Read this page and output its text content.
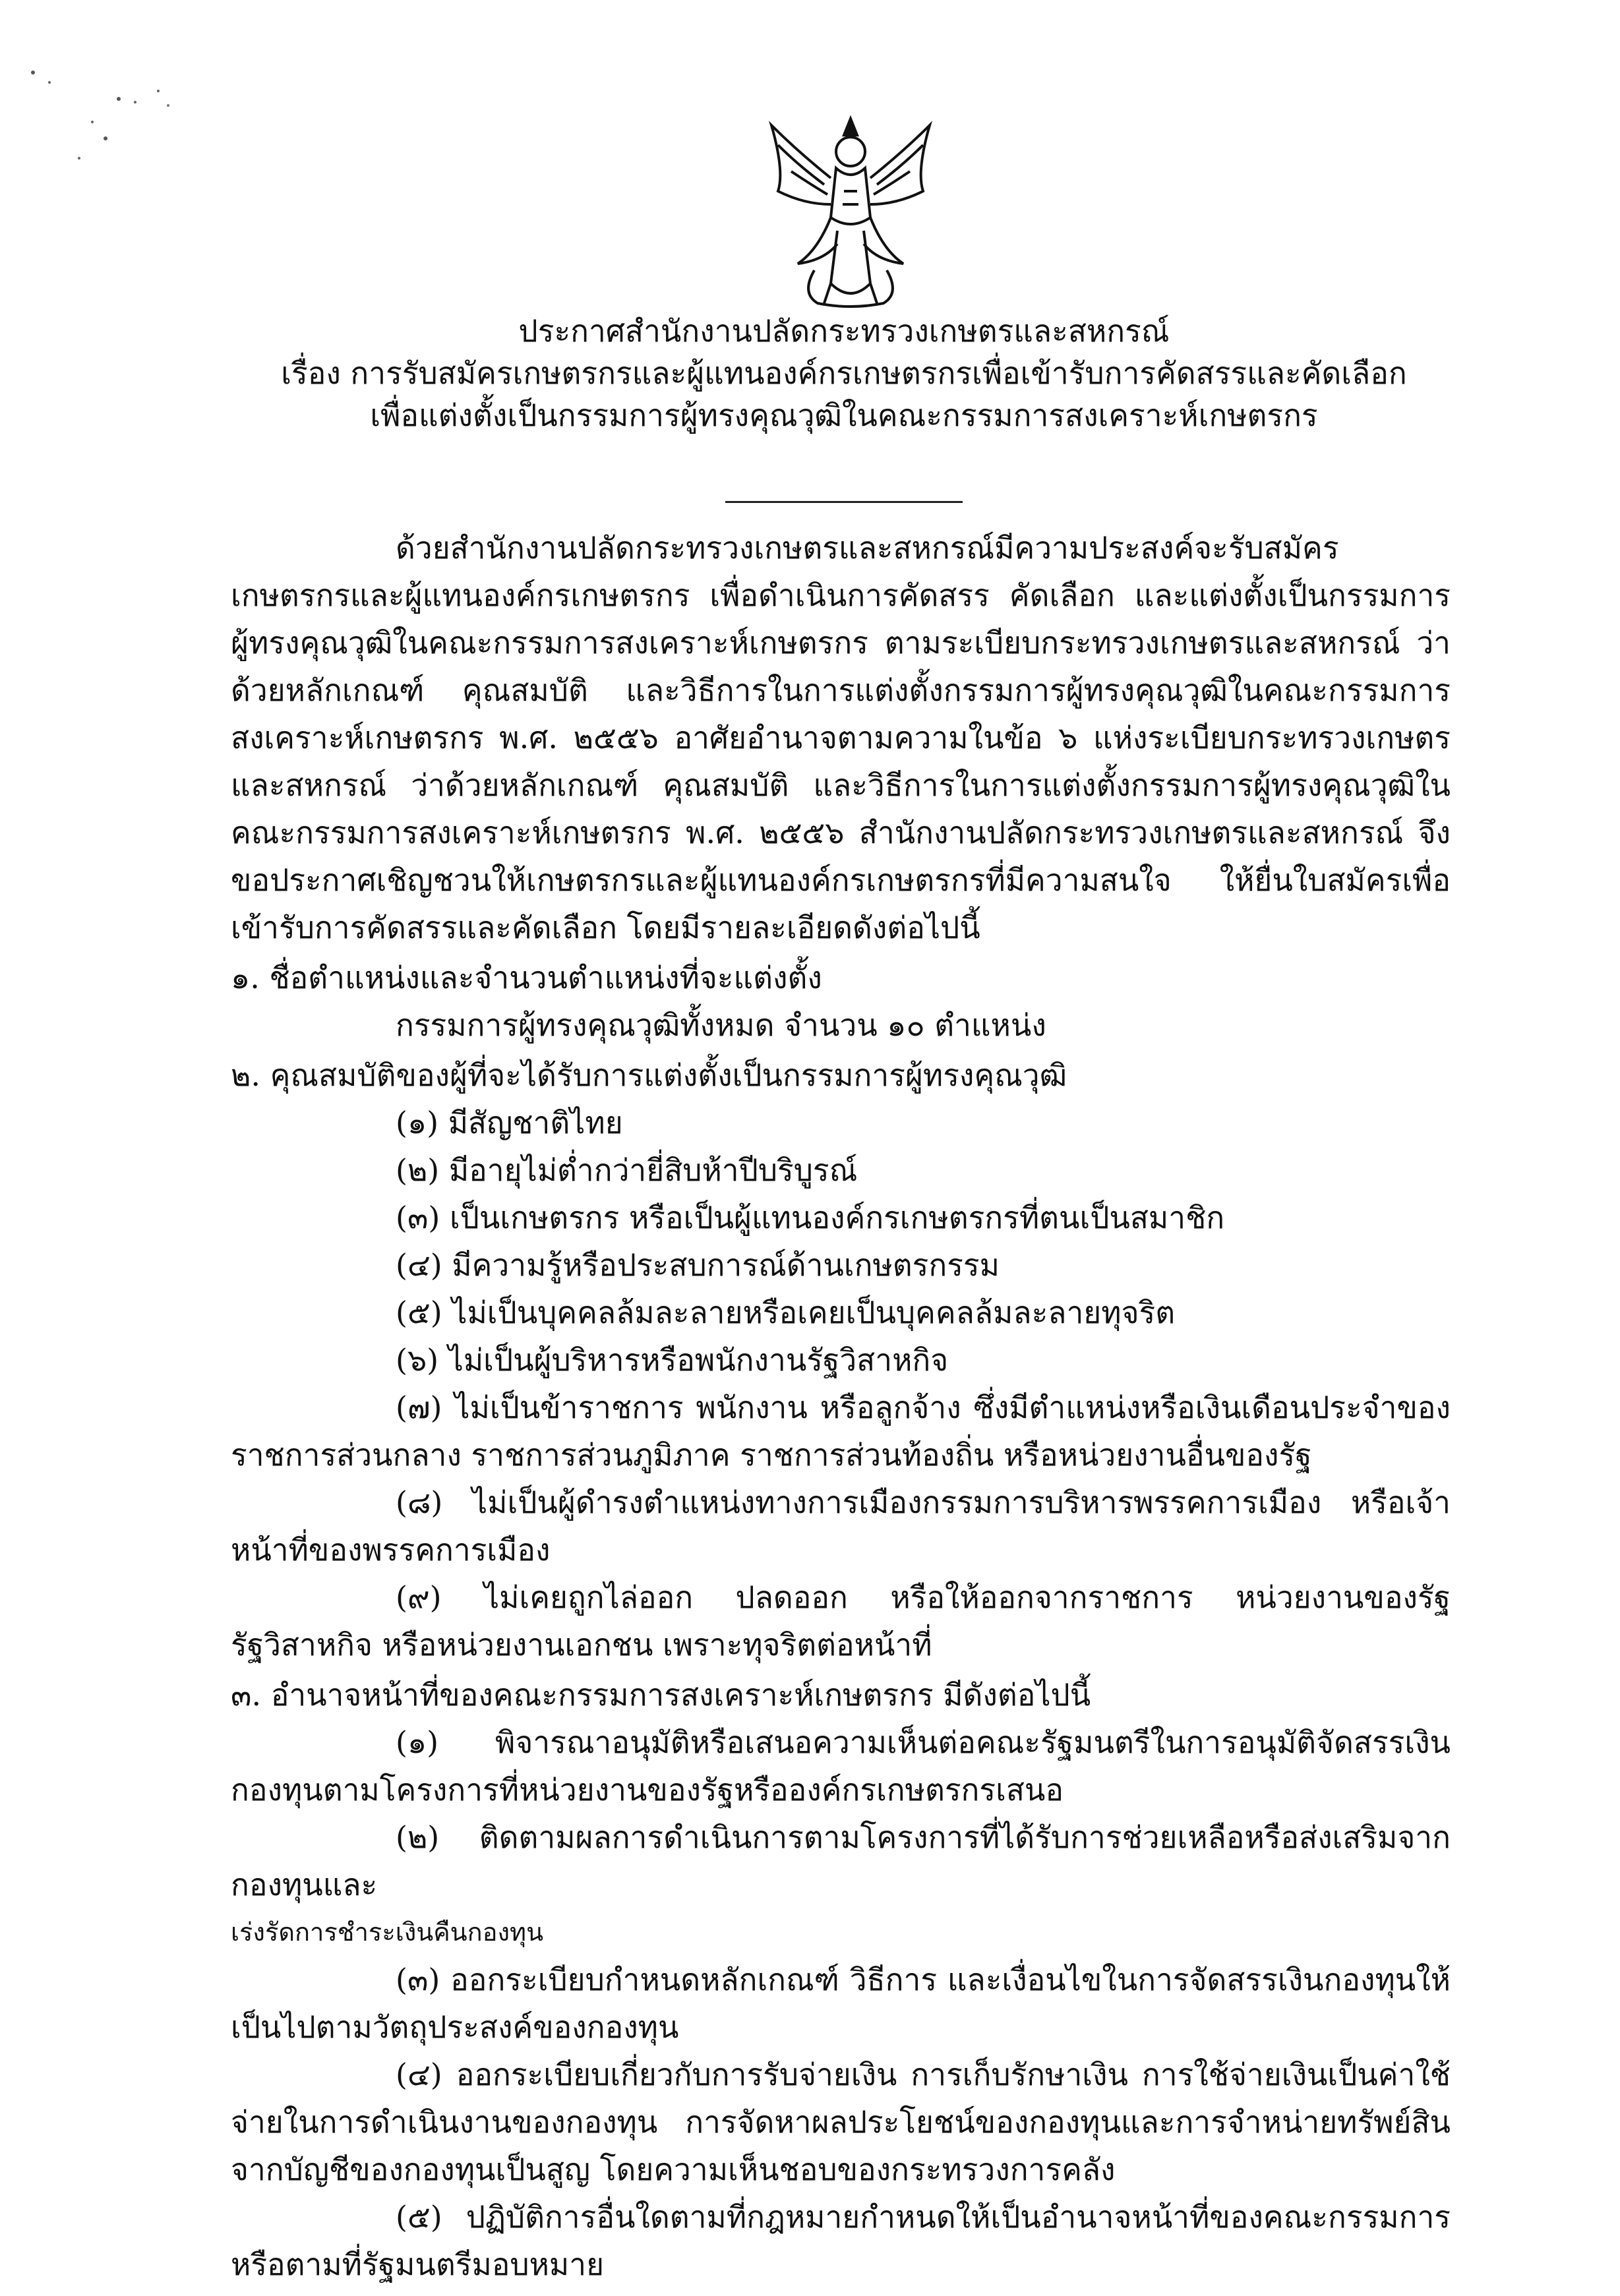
ประกาศสำนักงานปลัดกระทรวงเกษตรและสหกรณ์
เรื่อง การรับสมัครเกษตรกรและผู้แทนองค์กรเกษตรกรเพื่อเข้ารับการคัดสรรและคัดเลือก
เพื่อแต่งตั้งเป็นกรรมการผู้ทรงคุณวุฒิในคณะกรรมการสงเคราะห์เกษตรกร

ด้วยสำนักงานปลัดกระทรวงเกษตรและสหกรณ์มีความประสงค์จะรับสมัครเกษตรกรและผู้แทนองค์กรเกษตรกร เพื่อดำเนินการคัดสรร คัดเลือก และแต่งตั้งเป็นกรรมการผู้ทรงคุณวุฒิในคณะกรรมการสงเคราะห์เกษตรกร ตามระเบียบกระทรวงเกษตรและสหกรณ์ ว่าด้วยหลักเกณฑ์ คุณสมบัติ และวิธีการในการแต่งตั้งกรรมการผู้ทรงคุณวุฒิในคณะกรรมการสงเคราะห์เกษตรกร พ.ศ. ๒๕๕๖ อาศัยอำนาจตามความในข้อ ๖ แห่งระเบียบกระทรวงเกษตรและสหกรณ์ ว่าด้วยหลักเกณฑ์ คุณสมบัติ และวิธีการในการแต่งตั้งกรรมการผู้ทรงคุณวุฒิในคณะกรรมการสงเคราะห์เกษตรกร พ.ศ. ๒๕๕๖ สำนักงานปลัดกระทรวงเกษตรและสหกรณ์ จึงขอประกาศเชิญชวนให้เกษตรกรและผู้แทนองค์กรเกษตรกรที่มีความสนใจ ให้ยื่นใบสมัครเพื่อเข้ารับการคัดสรรและคัดเลือก โดยมีรายละเอียดดังต่อไปนี้

๑. ชื่อตำแหน่งและจำนวนตำแหน่งที่จะแต่งตั้ง

กรรมการผู้ทรงคุณวุฒิทั้งหมด จำนวน ๑๐ ตำแหน่ง

๒. คุณสมบัติของผู้ที่จะได้รับการแต่งตั้งเป็นกรรมการผู้ทรงคุณวุฒิ

(๑) มีสัญชาติไทย

(๒) มีอายุไม่ต่ำกว่ายี่สิบห้าปีบริบูรณ์

(๓) เป็นเกษตรกร หรือเป็นผู้แทนองค์กรเกษตรกรที่ตนเป็นสมาชิก

(๔) มีความรู้หรือประสบการณ์ด้านเกษตรกรรม

(๕) ไม่เป็นบุคคลล้มละลายหรือเคยเป็นบุคคลล้มละลายทุจริต

(๖) ไม่เป็นผู้บริหารหรือพนักงานรัฐวิสาหกิจ

(๗) ไม่เป็นข้าราชการ พนักงาน หรือลูกจ้าง ซึ่งมีตำแหน่งหรือเงินเดือนประจำของราชการส่วนกลาง ราชการส่วนภูมิภาค ราชการส่วนท้องถิ่น หรือหน่วยงานอื่นของรัฐ

(๘) ไม่เป็นผู้ดำรงตำแหน่งทางการเมืองกรรมการบริหารพรรคการเมือง หรือเจ้าหน้าที่ของพรรคการเมือง

(๙) ไม่เคยถูกไล่ออก ปลดออก หรือให้ออกจากราชการ หน่วยงานของรัฐ รัฐวิสาหกิจ หรือหน่วยงานเอกชน เพราะทุจริตต่อหน้าที่

๓. อำนาจหน้าที่ของคณะกรรมการสงเคราะห์เกษตรกร มีดังต่อไปนี้

(๑) พิจารณาอนุมัติหรือเสนอความเห็นต่อคณะรัฐมนตรีในการอนุมัติจัดสรรเงินกองทุนตามโครงการที่หน่วยงานของรัฐหรือองค์กรเกษตรกรเสนอ

(๒) ติดตามผลการดำเนินการตามโครงการที่ได้รับการช่วยเหลือหรือส่งเสริมจากกองทุนและ

เร่งรัดการชำระเงินคืนกองทุน

(๓) ออกระเบียบกำหนดหลักเกณฑ์ วิธีการ และเงื่อนไขในการจัดสรรเงินกองทุนให้เป็นไปตามวัตถุประสงค์ของกองทุน

(๔) ออกระเบียบเกี่ยวกับการรับจ่ายเงิน การเก็บรักษาเงิน การใช้จ่ายเงินเป็นค่าใช้จ่ายในการดำเนินงานของกองทุน การจัดหาผลประโยชน์ของกองทุนและการจำหน่ายทรัพย์สินจากบัญชีของกองทุนเป็นสูญ โดยความเห็นชอบของกระทรวงการคลัง

(๕) ปฏิบัติการอื่นใดตามที่กฎหมายกำหนดให้เป็นอำนาจหน้าที่ของคณะกรรมการ หรือตามที่รัฐมนตรีมอบหมาย
